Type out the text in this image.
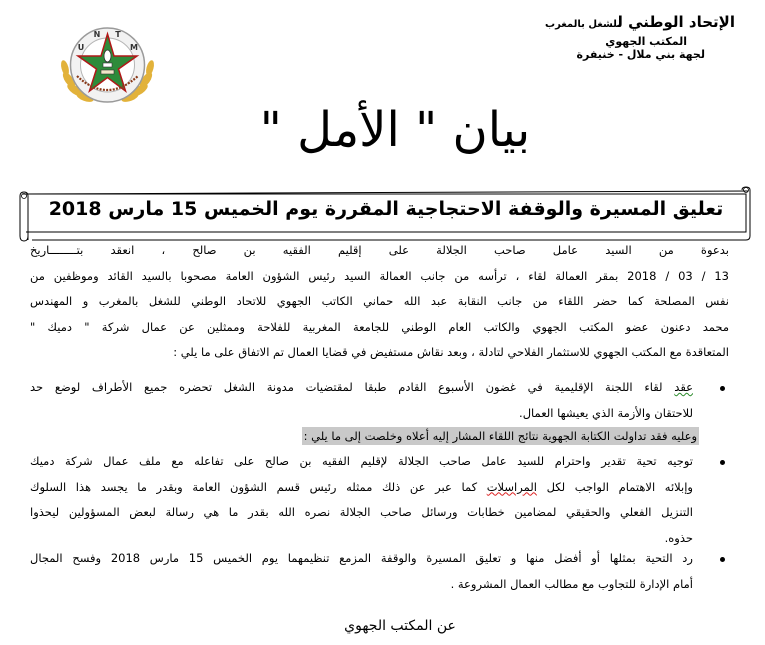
الإتحاد الوطني للشغل بالمغرب
المكتب الجهوي
لجهة بني ملال - خنيفرة
U
N T
M
بيان " الأمل "
تعليق المسيرة والوقفة الاحتجاجية المقررة يوم الخميس 15 مارس 2018
بدعوة من السيد عامل صاحب الجلالة على إقليم الفقيه بن صالح ، انعقد بتــــــــاريخ
13 / 03 / 2018 بمقر العمالة لقاء ، ترأسه من جانب العمالة السيد رئيس الشؤون العامة مصحوبا بالسيد القائد وموظفين من
نفس المصلحة كما حضر اللقاء من جانب النقابة عبد الله حماني الكاتب الجهوي للاتحاد الوطني للشغل بالمغرب و المهندس
محمد دعنون عضو المكتب الجهوي والكاتب العام الوطني للجامعة المغربية للفلاحة وممثلين عن عمال شركة " دميك "
المتعاقدة مع المكتب الجهوي للاستثمار الفلاحي لتادلة ، وبعد نقاش مستفيض في قضايا العمال تم الاتفاق على ما يلي :
عقد لقاء اللجنة الإقليمية في غضون الأسبوع القادم طبقا لمقتضيات مدونة الشغل تحضره جميع الأطراف لوضع حد
للاحتقان والأزمة الذي يعيشها العمال.
وعليه فقد تداولت الكتابة الجهوية نتائج اللقاء المشار إليه أعلاه وخلصت إلى ما يلي :
توجيه تحية تقدير واحترام للسيد عامل صاحب الجلالة لإقليم الفقيه بن صالح على تفاعله مع ملف عمال شركة دميك
وإبلائه الاهتمام الواجب لكل المراسلات كما عبر عن ذلك ممثله رئيس قسم الشؤون العامة وبقدر ما يجسد هذا السلوك
التنزيل الفعلي والحقيقي لمضامين خطابات ورسائل صاحب الجلالة نصره الله بقدر ما هي رسالة لبعض المسؤولين ليحذوا
حذوه.
رد التحية بمثلها أو أفضل منها و تعليق المسيرة والوقفة المزمع تنظيمهما يوم الخميس 15 مارس 2018 وفسح المجال
أمام الإدارة للتجاوب مع مطالب العمال المشروعة .
عن المكتب الجهوي
